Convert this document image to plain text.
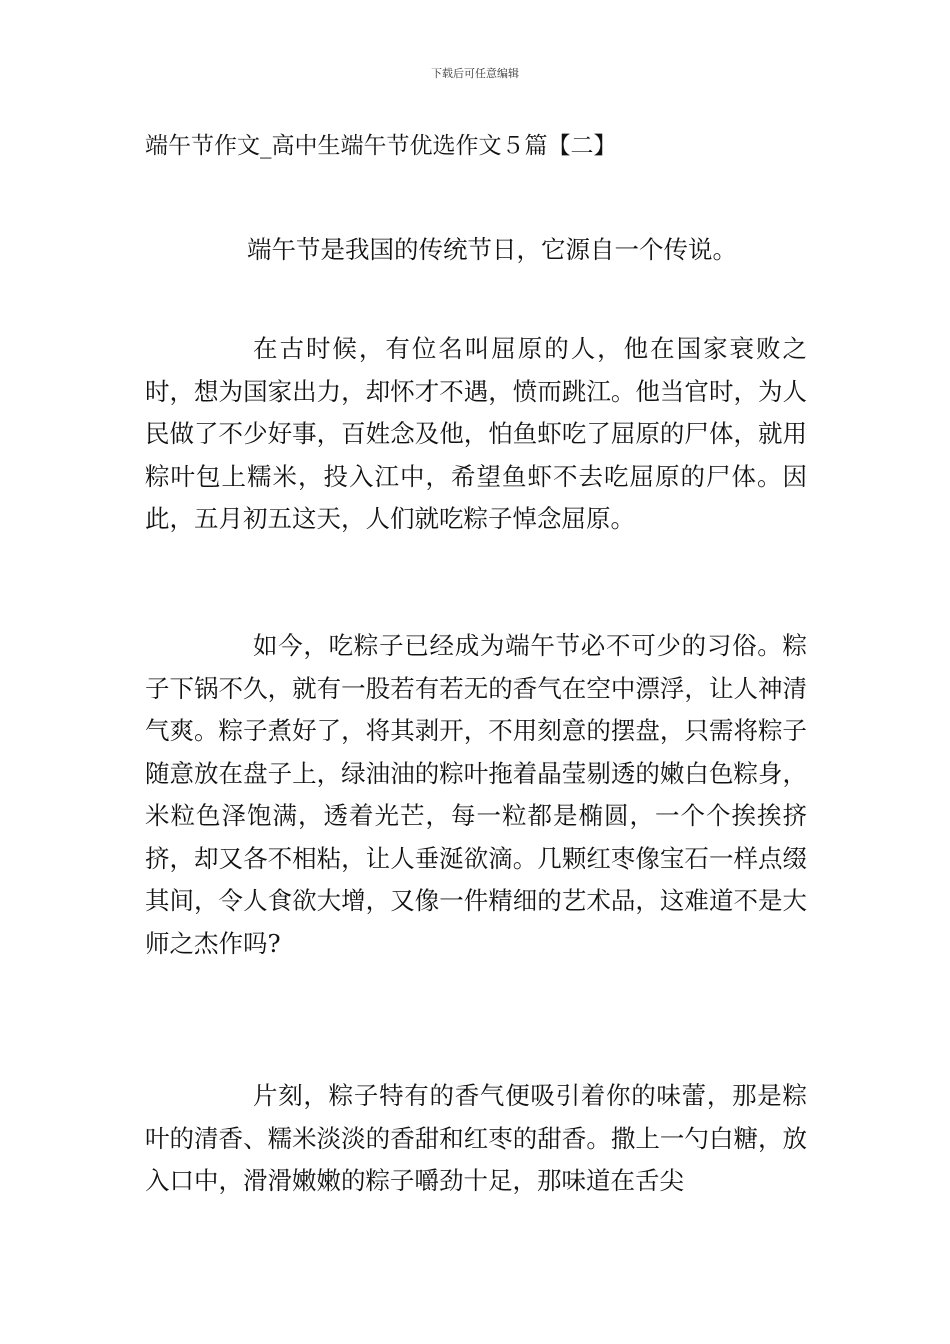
下载后可任意编辑
端午节作文_高中生端午节优选作文５篇【二】

端午节是我国的传统节日，它源自一个传说。

在古时候，有位名叫屈原的人，他在国家衰败之时，想为国家出力，却怀才不遇，愤而跳江。他当官时，为人民做了不少好事，百姓念及他，怕鱼虾吃了屈原的尸体，就用粽叶包上糯米，投入江中，希望鱼虾不去吃屈原的尸体。因此，五月初五这天，人们就吃粽子悼念屈原。

如今，吃粽子已经成为端午节必不可少的习俗。粽子下锅不久，就有一股若有若无的香气在空中漂浮，让人神清气爽。粽子煮好了，将其剥开，不用刻意的摆盘，只需将粽子随意放在盘子上，绿油油的粽叶拖着晶莹剔透的嫩白色粽身，米粒色泽饱满，透着光芒，每一粒都是椭圆，一个个挨挨挤挤，却又各不相粘，让人垂涎欲滴。几颗红枣像宝石一样点缀其间，令人食欲大增，又像一件精细的艺术品，这难道不是大师之杰作吗?

片刻，粽子特有的香气便吸引着你的味蕾，那是粽叶的清香、糯米淡淡的香甜和红枣的甜香。撒上一勺白糖，放入口中，滑滑嫩嫩的粽子嚼劲十足，那味道在舌尖
